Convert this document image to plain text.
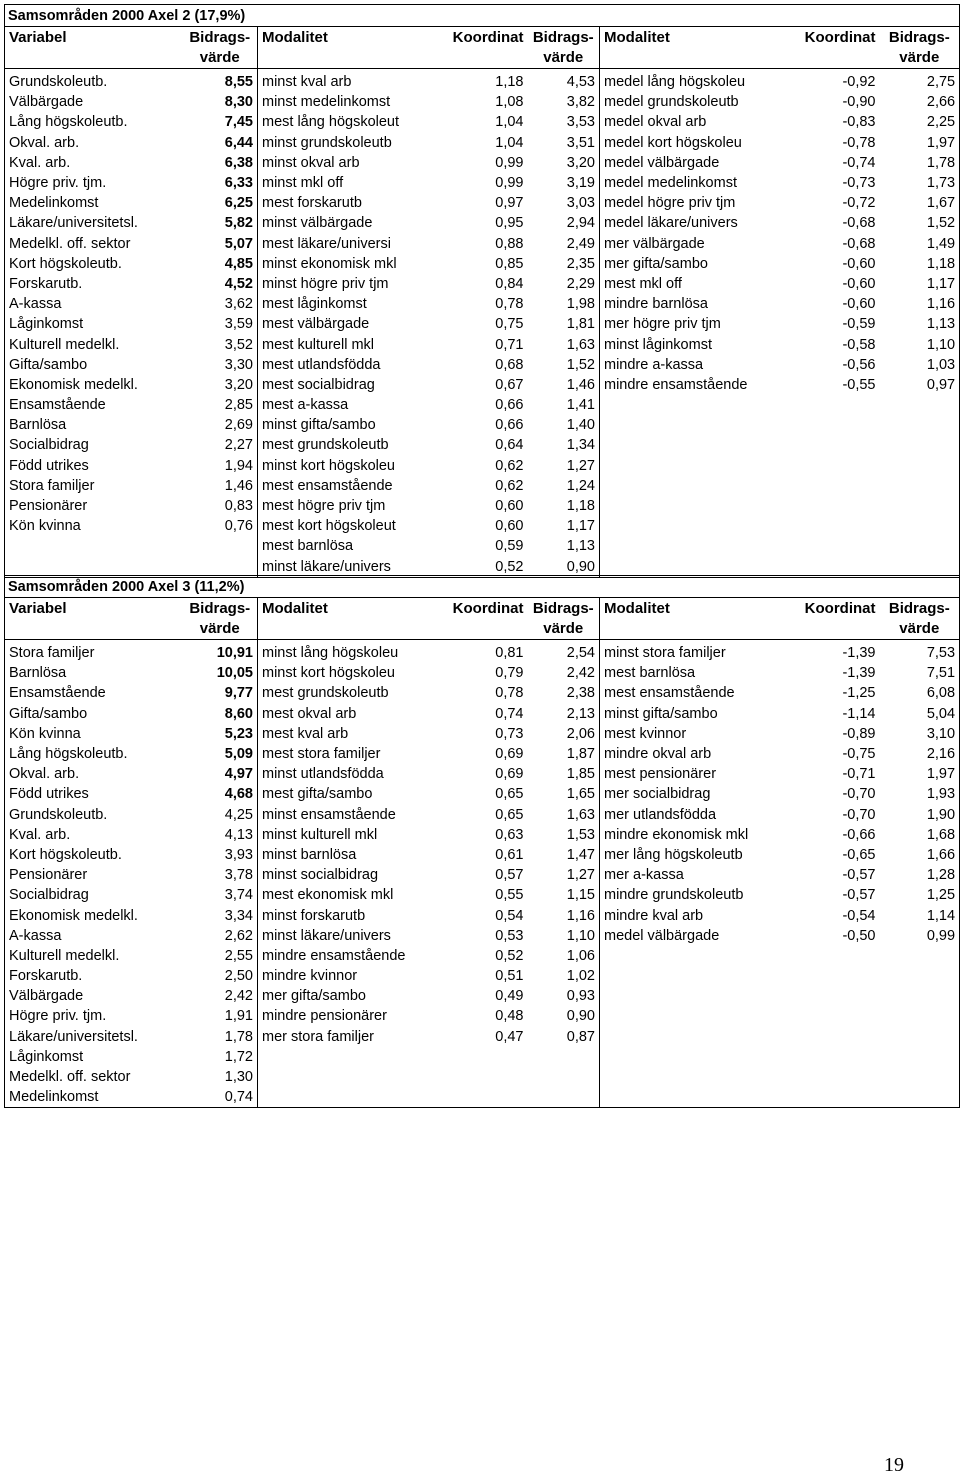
Samsområden 2000 Axel 2 (17,9%)							
Variabel	Bidrags-	Modalitet	Koordinat	Bidrags-	Modalitet	Koordinat	Bidrags-
	värde			värde			värde
Grundskoleutb.	8,55	minst kval arb	1,18	4,53	medel lång högskoleu	-0,92	2,75
Välbärgade	8,30	minst medelinkomst	1,08	3,82	medel grundskoleutb	-0,90	2,66
Lång högskoleutb.	7,45	mest lång högskoleut	1,04	3,53	medel okval arb	-0,83	2,25
Okval. arb.	6,44	minst grundskoleutb	1,04	3,51	medel kort högskoleu	-0,78	1,97
Kval. arb.	6,38	minst okval arb	0,99	3,20	medel välbärgade	-0,74	1,78
Högre priv. tjm.	6,33	minst mkl off	0,99	3,19	medel medelinkomst	-0,73	1,73
Medelinkomst	6,25	mest forskarutb	0,97	3,03	medel högre priv tjm	-0,72	1,67
Läkare/universitetsl.	5,82	minst välbärgade	0,95	2,94	medel läkare/univers	-0,68	1,52
Medelkl. off. sektor	5,07	mest läkare/universi	0,88	2,49	mer välbärgade	-0,68	1,49
Kort högskoleutb.	4,85	minst ekonomisk mkl	0,85	2,35	mer gifta/sambo	-0,60	1,18
Forskarutb.	4,52	minst högre priv tjm	0,84	2,29	mest mkl off	-0,60	1,17
A-kassa	3,62	mest låginkomst	0,78	1,98	mindre barnlösa	-0,60	1,16
Låginkomst	3,59	mest välbärgade	0,75	1,81	mer högre priv tjm	-0,59	1,13
Kulturell medelkl.	3,52	mest kulturell mkl	0,71	1,63	minst låginkomst	-0,58	1,10
Gifta/sambo	3,30	mest utlandsfödda	0,68	1,52	mindre a-kassa	-0,56	1,03
Ekonomisk medelkl.	3,20	mest socialbidrag	0,67	1,46	mindre ensamstående	-0,55	0,97
Ensamstående	2,85	mest a-kassa	0,66	1,41			
Barnlösa	2,69	minst gifta/sambo	0,66	1,40			
Socialbidrag	2,27	mest grundskoleutb	0,64	1,34			
Född utrikes	1,94	minst kort högskoleu	0,62	1,27			
Stora familjer	1,46	mest ensamstående	0,62	1,24			
Pensionärer	0,83	mest högre priv tjm	0,60	1,18			
Kön kvinna	0,76	mest kort högskoleut	0,60	1,17			
		mest barnlösa	0,59	1,13			
		minst läkare/univers	0,52	0,90			
Samsområden 2000 Axel 3 (11,2%)							
Variabel	Bidrags-	Modalitet	Koordinat	Bidrags-	Modalitet	Koordinat	Bidrags-
	värde			värde			värde
Stora familjer	10,91	minst lång högskoleu	0,81	2,54	minst stora familjer	-1,39	7,53
Barnlösa	10,05	minst kort högskoleu	0,79	2,42	mest barnlösa	-1,39	7,51
Ensamstående	9,77	mest grundskoleutb	0,78	2,38	mest ensamstående	-1,25	6,08
Gifta/sambo	8,60	mest okval arb	0,74	2,13	minst gifta/sambo	-1,14	5,04
Kön kvinna	5,23	mest kval arb	0,73	2,06	mest kvinnor	-0,89	3,10
Lång högskoleutb.	5,09	mest stora familjer	0,69	1,87	mindre okval arb	-0,75	2,16
Okval. arb.	4,97	minst utlandsfödda	0,69	1,85	mest pensionärer	-0,71	1,97
Född utrikes	4,68	mest gifta/sambo	0,65	1,65	mer socialbidrag	-0,70	1,93
Grundskoleutb.	4,25	minst ensamstående	0,65	1,63	mer utlandsfödda	-0,70	1,90
Kval. arb.	4,13	minst kulturell mkl	0,63	1,53	mindre ekonomisk mkl	-0,66	1,68
Kort högskoleutb.	3,93	minst barnlösa	0,61	1,47	mer lång högskoleutb	-0,65	1,66
Pensionärer	3,78	minst socialbidrag	0,57	1,27	mer a-kassa	-0,57	1,28
Socialbidrag	3,74	mest ekonomisk mkl	0,55	1,15	mindre grundskoleutb	-0,57	1,25
Ekonomisk medelkl.	3,34	minst forskarutb	0,54	1,16	mindre kval arb	-0,54	1,14
A-kassa	2,62	minst läkare/univers	0,53	1,10	medel välbärgade	-0,50	0,99
Kulturell medelkl.	2,55	mindre ensamstående	0,52	1,06			
Forskarutb.	2,50	mindre kvinnor	0,51	1,02			
Välbärgade	2,42	mer gifta/sambo	0,49	0,93			
Högre priv. tjm.	1,91	mindre pensionärer	0,48	0,90			
Läkare/universitetsl.	1,78	mer stora familjer	0,47	0,87			
Låginkomst	1,72						
Medelkl. off. sektor	1,30						
Medelinkomst	0,74						
19
